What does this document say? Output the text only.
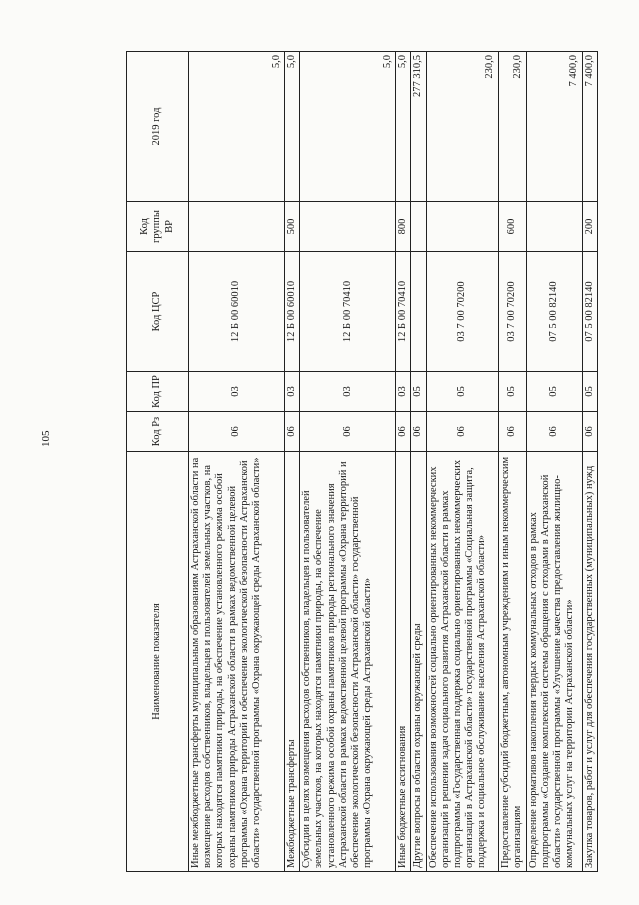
105
Наименование показателя	Код Рз	Код ПР	Код ЦСР	Код группы ВР	2019 год
Иные межбюджетные трансферты муниципальным образованиям Астраханской области на возмещение расходов собственников, владельцев и пользователей земельных участков, на которых находятся памятники природы, на обеспечение установленного режима особой охраны памятников природы Астраханской области в рамках ведомственной целевой программы «Охрана территорий и обеспечение экологической безопасности Астраханской области» государственной программы «Охрана окружающей среды Астраханской области»	06	03	12 Б 00 60010		5,0
Межбюджетные трансферты	06	03	12 Б 00 60010	500	5,0
Субсидии в целях возмещения расходов собственников, владельцев и пользователей земельных участков, на которых находятся памятники природы, на обеспечение установленного режима особой охраны памятников природы регионального значения Астраханской области в рамках ведомственной целевой программы «Охрана территорий и обеспечение экологической безопасности Астраханской области» государственной программы «Охрана окружающей среды Астраханской области»	06	03	12 Б 00 70410		5,0
Иные бюджетные ассигнования	06	03	12 Б 00 70410	800	5,0
Другие вопросы в области охраны окружающей среды	06	05			277 310,5
Обеспечение использования возможностей социально ориентированных некоммерческих организаций в решении задач социального развития Астраханской области в рамках подпрограммы «Государственная поддержка социально ориентированных некоммерческих организаций в Астраханской области» государственной программы «Социальная защита, поддержка и социальное обслуживание населения Астраханской области»	06	05	03 7 00 70200		230,0
Предоставление субсидий бюджетным, автономным учреждениям и иным некоммерческим организациям	06	05	03 7 00 70200	600	230,0
Определение нормативов накопления твердых коммунальных отходов в рамках подпрограммы «Создание комплексной системы обращения с отходами в Астраханской области» государственной программы «Улучшение качества предоставления жилищно-коммунальных услуг на территории Астраханской области»	06	05	07 5 00 82140		7 400,0
Закупка товаров, работ и услуг для обеспечения государственных (муниципальных) нужд	06	05	07 5 00 82140	200	7 400,0
